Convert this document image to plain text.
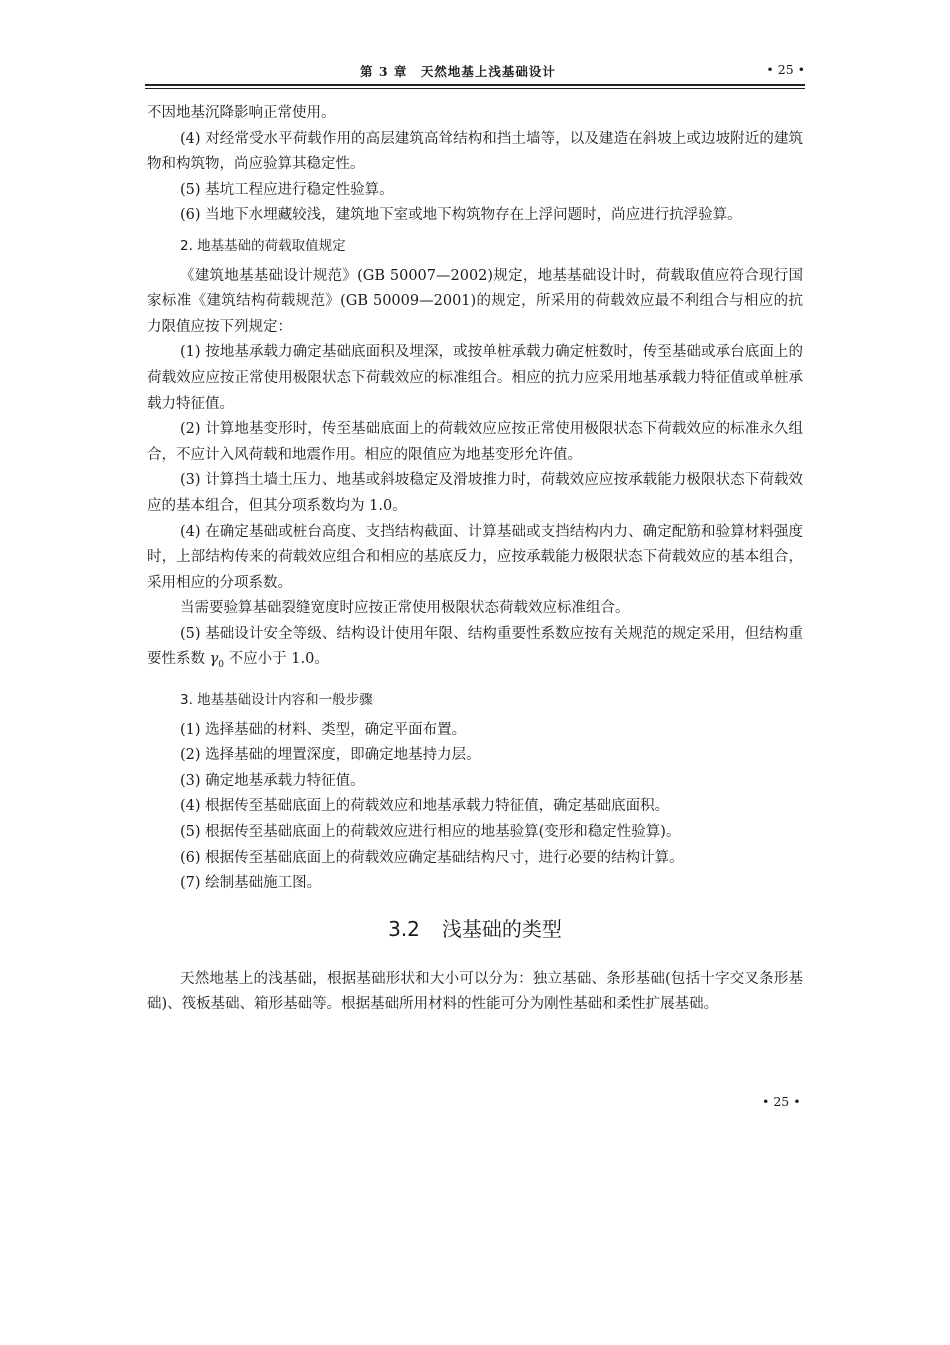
第 3 章　天然地基上浅基础设计	• 25 •

不因地基沉降影响正常使用。

(4) 对经常受水平荷载作用的高层建筑高耸结构和挡土墙等，以及建造在斜坡上或边坡附近的建筑物和构筑物，尚应验算其稳定性。

(5) 基坑工程应进行稳定性验算。

(6) 当地下水埋藏较浅，建筑地下室或地下构筑物存在上浮问题时，尚应进行抗浮验算。

2. 地基基础的荷载取值规定

《建筑地基基础设计规范》(GB 50007—2002)规定，地基基础设计时，荷载取值应符合现行国家标准《建筑结构荷载规范》(GB 50009—2001)的规定，所采用的荷载效应最不利组合与相应的抗力限值应按下列规定：

(1) 按地基承载力确定基础底面积及埋深，或按单桩承载力确定桩数时，传至基础或承台底面上的荷载效应应按正常使用极限状态下荷载效应的标准组合。相应的抗力应采用地基承载力特征值或单桩承载力特征值。

(2) 计算地基变形时，传至基础底面上的荷载效应应按正常使用极限状态下荷载效应的标准永久组合，不应计入风荷载和地震作用。相应的限值应为地基变形允许值。

(3) 计算挡土墙土压力、地基或斜坡稳定及滑坡推力时，荷载效应应按承载能力极限状态下荷载效应的基本组合，但其分项系数均为 1.0。

(4) 在确定基础或桩台高度、支挡结构截面、计算基础或支挡结构内力、确定配筋和验算材料强度时，上部结构传来的荷载效应组合和相应的基底反力，应按承载能力极限状态下荷载效应的基本组合，采用相应的分项系数。

当需要验算基础裂缝宽度时应按正常使用极限状态荷载效应标准组合。

(5) 基础设计安全等级、结构设计使用年限、结构重要性系数应按有关规范的规定采用，但结构重要性系数 $\gamma_0$ 不应小于 1.0。

3. 地基基础设计内容和一般步骤

(1) 选择基础的材料、类型，确定平面布置。

(2) 选择基础的埋置深度，即确定地基持力层。

(3) 确定地基承载力特征值。

(4) 根据传至基础底面上的荷载效应和地基承载力特征值，确定基础底面积。

(5) 根据传至基础底面上的荷载效应进行相应的地基验算(变形和稳定性验算)。

(6) 根据传至基础底面上的荷载效应确定基础结构尺寸，进行必要的结构计算。

(7) 绘制基础施工图。

3.2 浅基础的类型

天然地基上的浅基础，根据基础形状和大小可以分为：独立基础、条形基础(包括十字交叉条形基础)、筏板基础、箱形基础等。根据基础所用材料的性能可分为刚性基础和柔性扩展基础。

• 25 •
